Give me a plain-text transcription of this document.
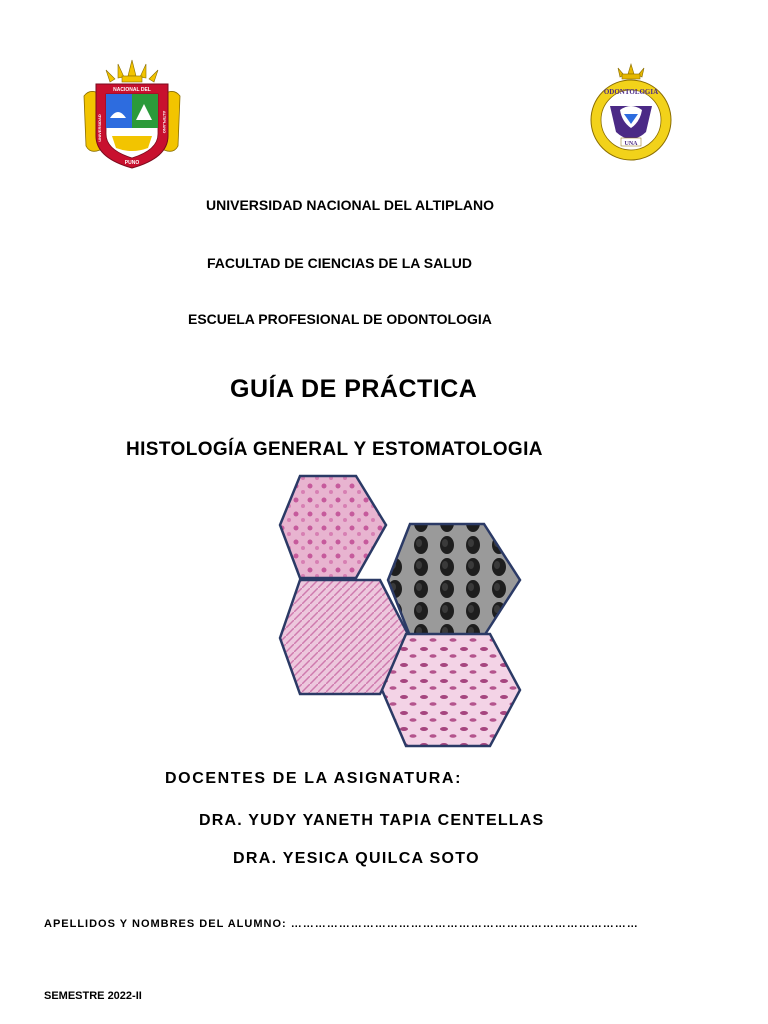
NACIONAL DEL
UNIVERSIDAD	ALTIPLANO
PUNO
ODONTOLOGIA
UNA
UNIVERSIDAD NACIONAL DEL ALTIPLANO
FACULTAD DE CIENCIAS DE LA SALUD
ESCUELA PROFESIONAL DE ODONTOLOGIA
GUÍA DE PRÁCTICA
HISTOLOGÍA GENERAL Y ESTOMATOLOGIA
DOCENTES DE LA ASIGNATURA:
DRA. YUDY YANETH TAPIA CENTELLAS
DRA. YESICA QUILCA SOTO
APELLIDOS Y NOMBRES DEL ALUMNO: ……………………………………………………………………………
SEMESTRE 2022-II
